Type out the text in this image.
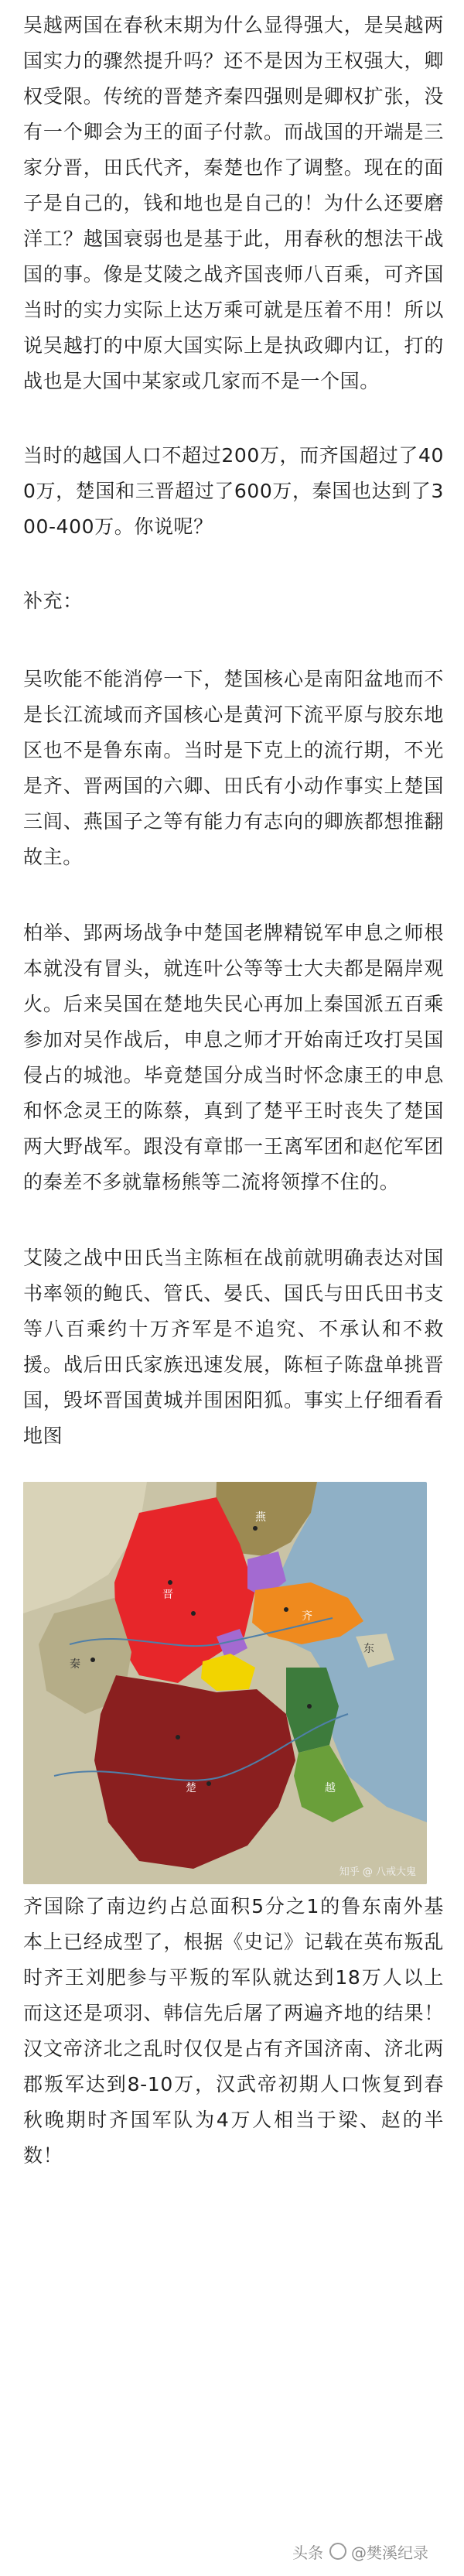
吴越两国在春秋末期为什么显得强大，是吴越两国实力的骤然提升吗？还不是因为王权强大，卿权受限。传统的晋楚齐秦四强则是卿权扩张，没有一个卿会为王的面子付款。而战国的开端是三家分晋，田氏代齐，秦楚也作了调整。现在的面子是自己的，钱和地也是自己的！为什么还要磨洋工？越国衰弱也是基于此，用春秋的想法干战国的事。像是艾陵之战齐国丧师八百乘，可齐国当时的实力实际上达万乘可就是压着不用！所以说吴越打的中原大国实际上是执政卿内讧，打的战也是大国中某家或几家而不是一个国。

当时的越国人口不超过200万，而齐国超过了400万，楚国和三晋超过了600万，秦国也达到了300-400万。你说呢？

补充：

吴吹能不能消停一下，楚国核心是南阳盆地而不是长江流域而齐国核心是黄河下流平原与胶东地区也不是鲁东南。当时是下克上的流行期，不光是齐、晋两国的六卿、田氏有小动作事实上楚国三闾、燕国子之等有能力有志向的卿族都想推翻故主。

柏举、郢两场战争中楚国老牌精锐军申息之师根本就没有冒头，就连叶公等等士大夫都是隔岸观火。后来吴国在楚地失民心再加上秦国派五百乘参加对吴作战后，申息之师才开始南迁攻打吴国侵占的城池。毕竟楚国分成当时怀念康王的申息和怀念灵王的陈蔡，真到了楚平王时丧失了楚国两大野战军。跟没有章邯一王离军团和赵佗军团的秦差不多就靠杨熊等二流将领撑不住的。

艾陵之战中田氏当主陈桓在战前就明确表达对国书率领的鲍氏、管氏、晏氏、国氏与田氏田书支等八百乘约十万齐军是不追究、不承认和不救援。战后田氏家族迅速发展，陈桓子陈盘单挑晋国，毁坏晋国黄城并围困阳狐。事实上仔细看看地图

燕
晋
齐
东
秦
楚	越
知乎 @ 八戒大鬼

齐国除了南边约占总面积5分之1的鲁东南外基本上已经成型了，根据《史记》记载在英布叛乱时齐王刘肥参与平叛的军队就达到18万人以上而这还是项羽、韩信先后屠了两遍齐地的结果！汉文帝济北之乱时仅仅是占有齐国济南、济北两郡叛军达到8-10万，汉武帝初期人口恢复到春秋晚期时齐国军队为4万人相当于梁、赵的半数！

头条 @樊溪纪录
